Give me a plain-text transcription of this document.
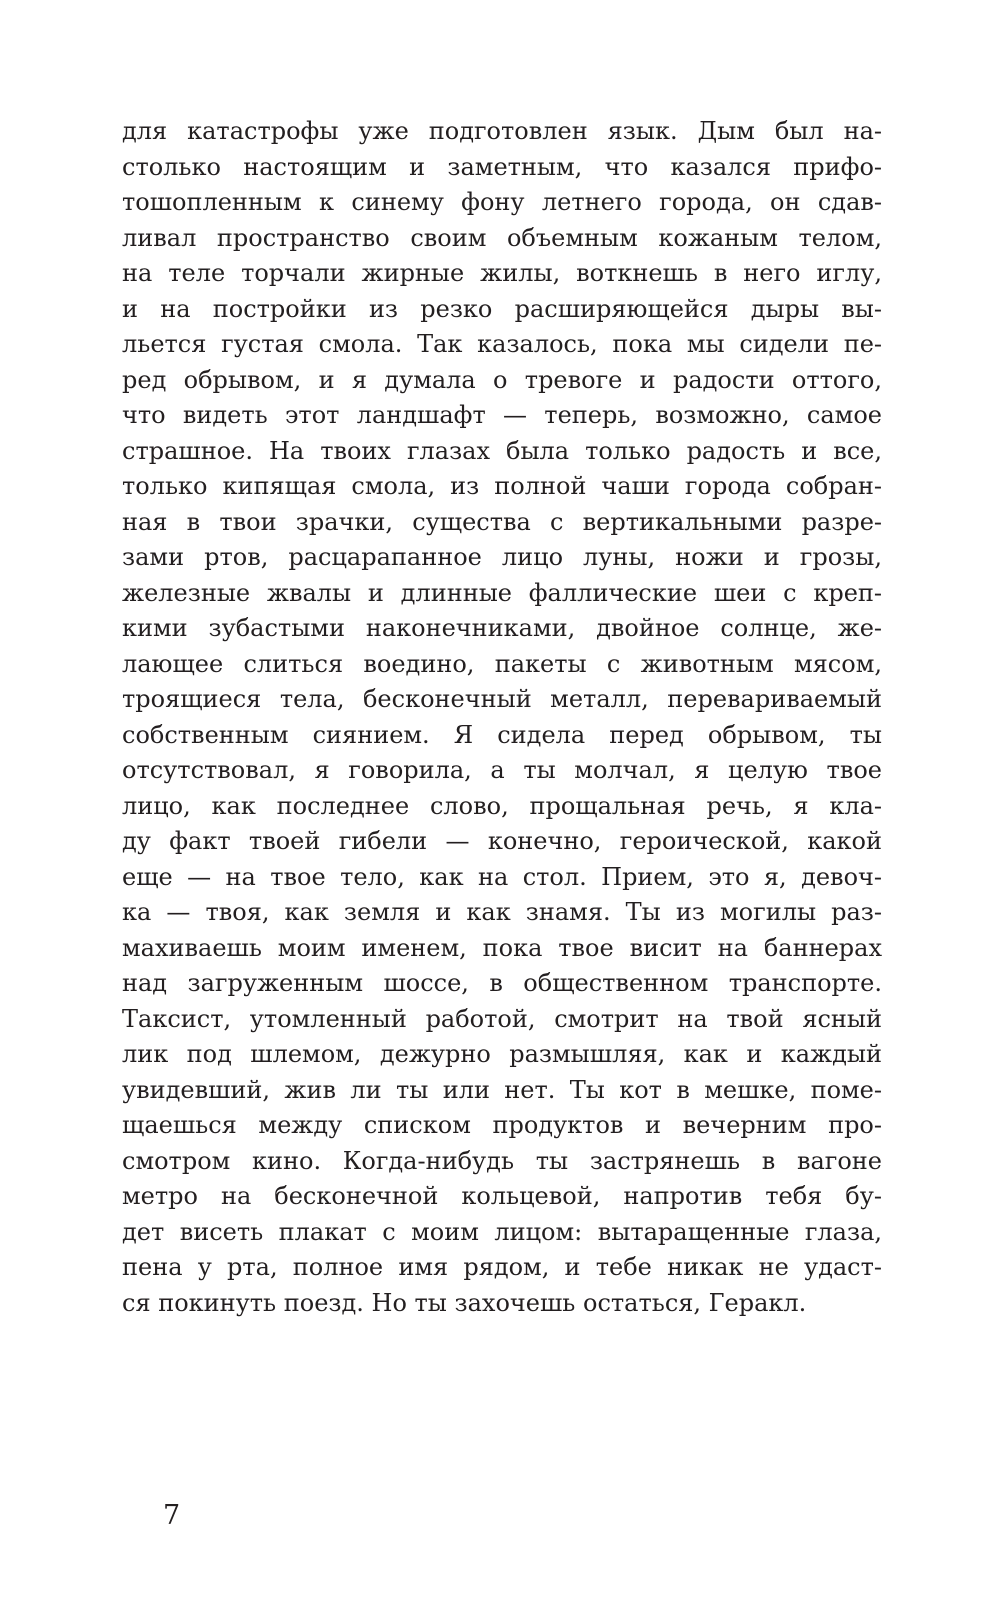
для катастрофы уже подготовлен язык. Дым был на-
столько настоящим и заметным, что казался прифо-
тошопленным к синему фону летнего города, он сдав-
ливал пространство своим объемным кожаным телом,
на теле торчали жирные жилы, воткнешь в него иглу,
и на постройки из резко расширяющейся дыры вы-
льется густая смола. Так казалось, пока мы сидели пе-
ред обрывом, и я думала о тревоге и радости оттого,
что видеть этот ландшафт — теперь, возможно, самое
страшное. На твоих глазах была только радость и все,
только кипящая смола, из полной чаши города собран-
ная в твои зрачки, существа с вертикальными разре-
зами ртов, расцарапанное лицо луны, ножи и грозы,
железные жвалы и длинные фаллические шеи с креп-
кими зубастыми наконечниками, двойное солнце, же-
лающее слиться воедино, пакеты с животным мясом,
троящиеся тела, бесконечный металл, перевариваемый
собственным сиянием. Я сидела перед обрывом, ты
отсутствовал, я говорила, а ты молчал, я целую твое
лицо, как последнее слово, прощальная речь, я кла-
ду факт твоей гибели — конечно, героической, какой
еще — на твое тело, как на стол. Прием, это я, девоч-
ка — твоя, как земля и как знамя. Ты из могилы раз-
махиваешь моим именем, пока твое висит на баннерах
над загруженным шоссе, в общественном транспорте.
Таксист, утомленный работой, смотрит на твой ясный
лик под шлемом, дежурно размышляя, как и каждый
увидевший, жив ли ты или нет. Ты кот в мешке, поме-
щаешься между списком продуктов и вечерним про-
смотром кино. Когда-нибудь ты застрянешь в вагоне
метро на бесконечной кольцевой, напротив тебя бу-
дет висеть плакат с моим лицом: вытаращенные глаза,
пена у рта, полное имя рядом, и тебе никак не удаст-
ся покинуть поезд. Но ты захочешь остаться, Геракл.
7
